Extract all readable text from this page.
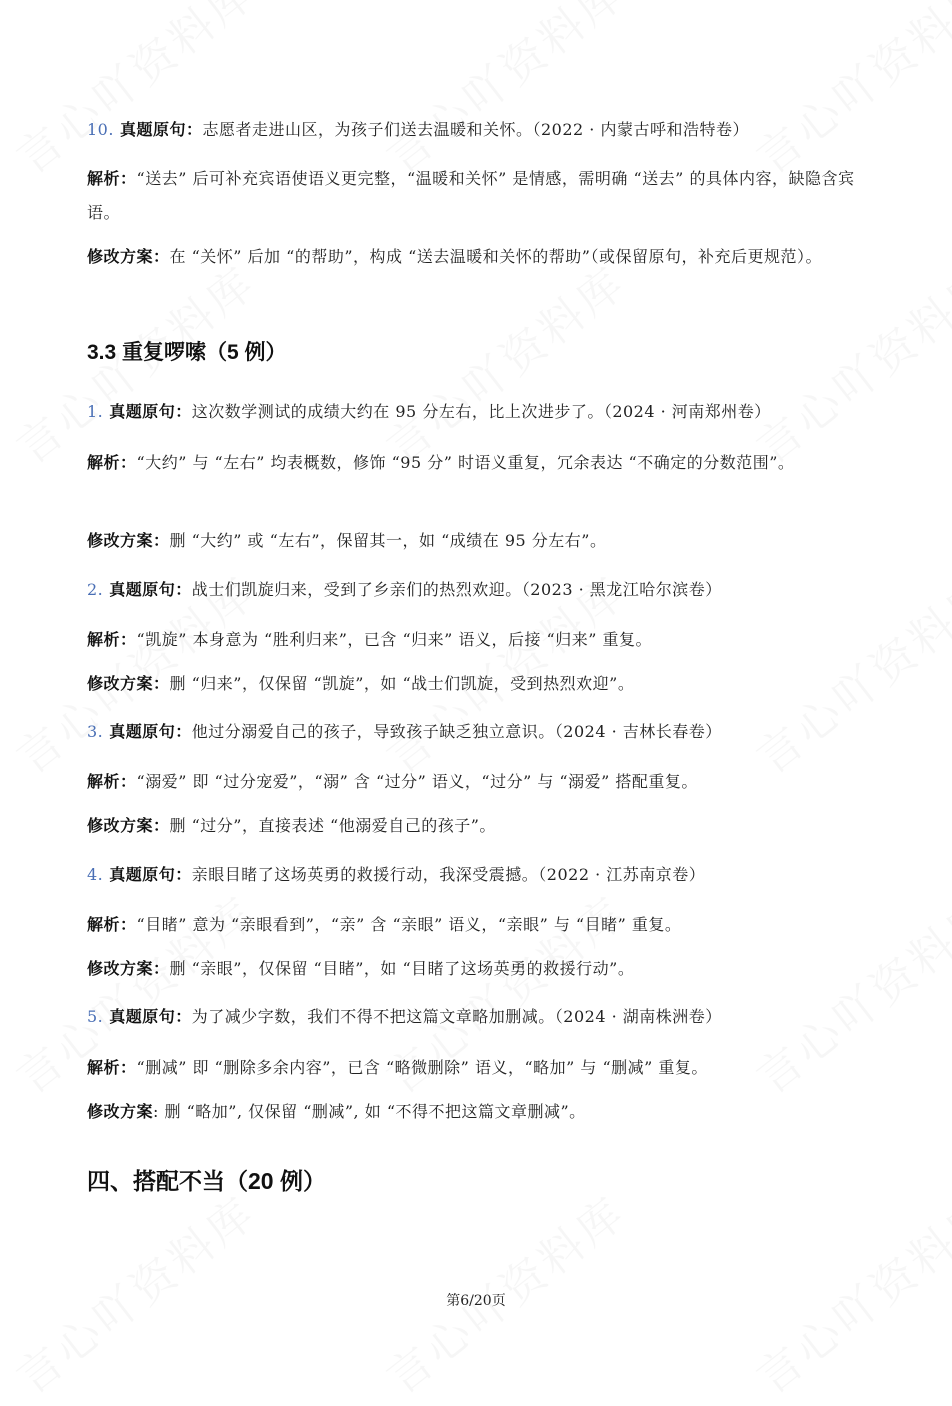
10. 真题原句：志愿者走进山区，为孩子们送去温暖和关怀。（2022 · 内蒙古呼和浩特卷）
解析：“送去” 后可补充宾语使语义更完整，“温暖和关怀” 是情感，需明确 “送去” 的具体内容，缺隐含宾语。
修改方案：在 “关怀” 后加 “的帮助”，构成 “送去温暖和关怀的帮助”（或保留原句，补充后更规范）。
3.3 重复啰嗦（5 例）
1. 真题原句：这次数学测试的成绩大约在 95 分左右，比上次进步了。（2024 · 河南郑州卷）
解析：“大约” 与 “左右” 均表概数，修饰 “95 分” 时语义重复，冗余表达 “不确定的分数范围”。
修改方案：删 “大约” 或 “左右”，保留其一，如 “成绩在 95 分左右”。
2. 真题原句：战士们凯旋归来，受到了乡亲们的热烈欢迎。（2023 · 黑龙江哈尔滨卷）
解析：“凯旋” 本身意为 “胜利归来”，已含 “归来” 语义，后接 “归来” 重复。
修改方案：删 “归来”，仅保留 “凯旋”，如 “战士们凯旋，受到热烈欢迎”。
3. 真题原句：他过分溺爱自己的孩子，导致孩子缺乏独立意识。（2024 · 吉林长春卷）
解析：“溺爱” 即 “过分宠爱”，“溺” 含 “过分” 语义，“过分” 与 “溺爱” 搭配重复。
修改方案：删 “过分”，直接表述 “他溺爱自己的孩子”。
4. 真题原句：亲眼目睹了这场英勇的救援行动，我深受震撼。（2022 · 江苏南京卷）
解析：“目睹” 意为 “亲眼看到”，“亲” 含 “亲眼” 语义，“亲眼” 与 “目睹” 重复。
修改方案：删 “亲眼”，仅保留 “目睹”，如 “目睹了这场英勇的救援行动”。
5. 真题原句：为了减少字数，我们不得不把这篇文章略加删减。（2024 · 湖南株洲卷）
解析：“删减” 即 “删除多余内容”，已含 “略微删除” 语义，“略加” 与 “删减” 重复。
修改方案: 删 “略加”, 仅保留 “删减”, 如 “不得不把这篇文章删减”。
四、搭配不当（20 例）
第6/20页
